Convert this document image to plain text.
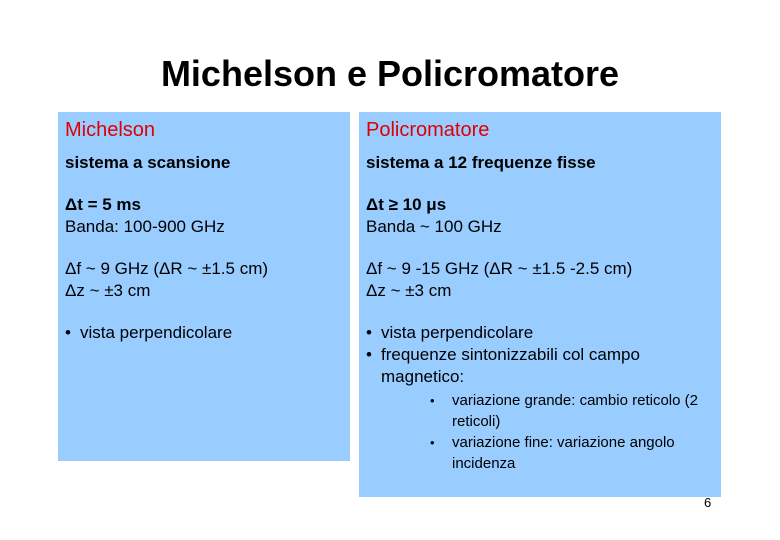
Michelson e Policromatore
Michelson
sistema a scansione
Δt = 5 ms
Banda: 100-900 GHz
Δf ~ 9 GHz (ΔR ~ ±1.5 cm)
Δz ~ ±3 cm
• vista perpendicolare
Policromatore
sistema a 12 frequenze fisse
Δt ≥ 10 μs
Banda ~ 100 GHz
Δf ~ 9 -15 GHz (ΔR ~ ±1.5 -2.5 cm)
Δz ~ ±3 cm
• vista perpendicolare
• frequenze sintonizzabili col campo magnetico:
• variazione grande: cambio reticolo (2 reticoli)
• variazione fine: variazione angolo incidenza
6
